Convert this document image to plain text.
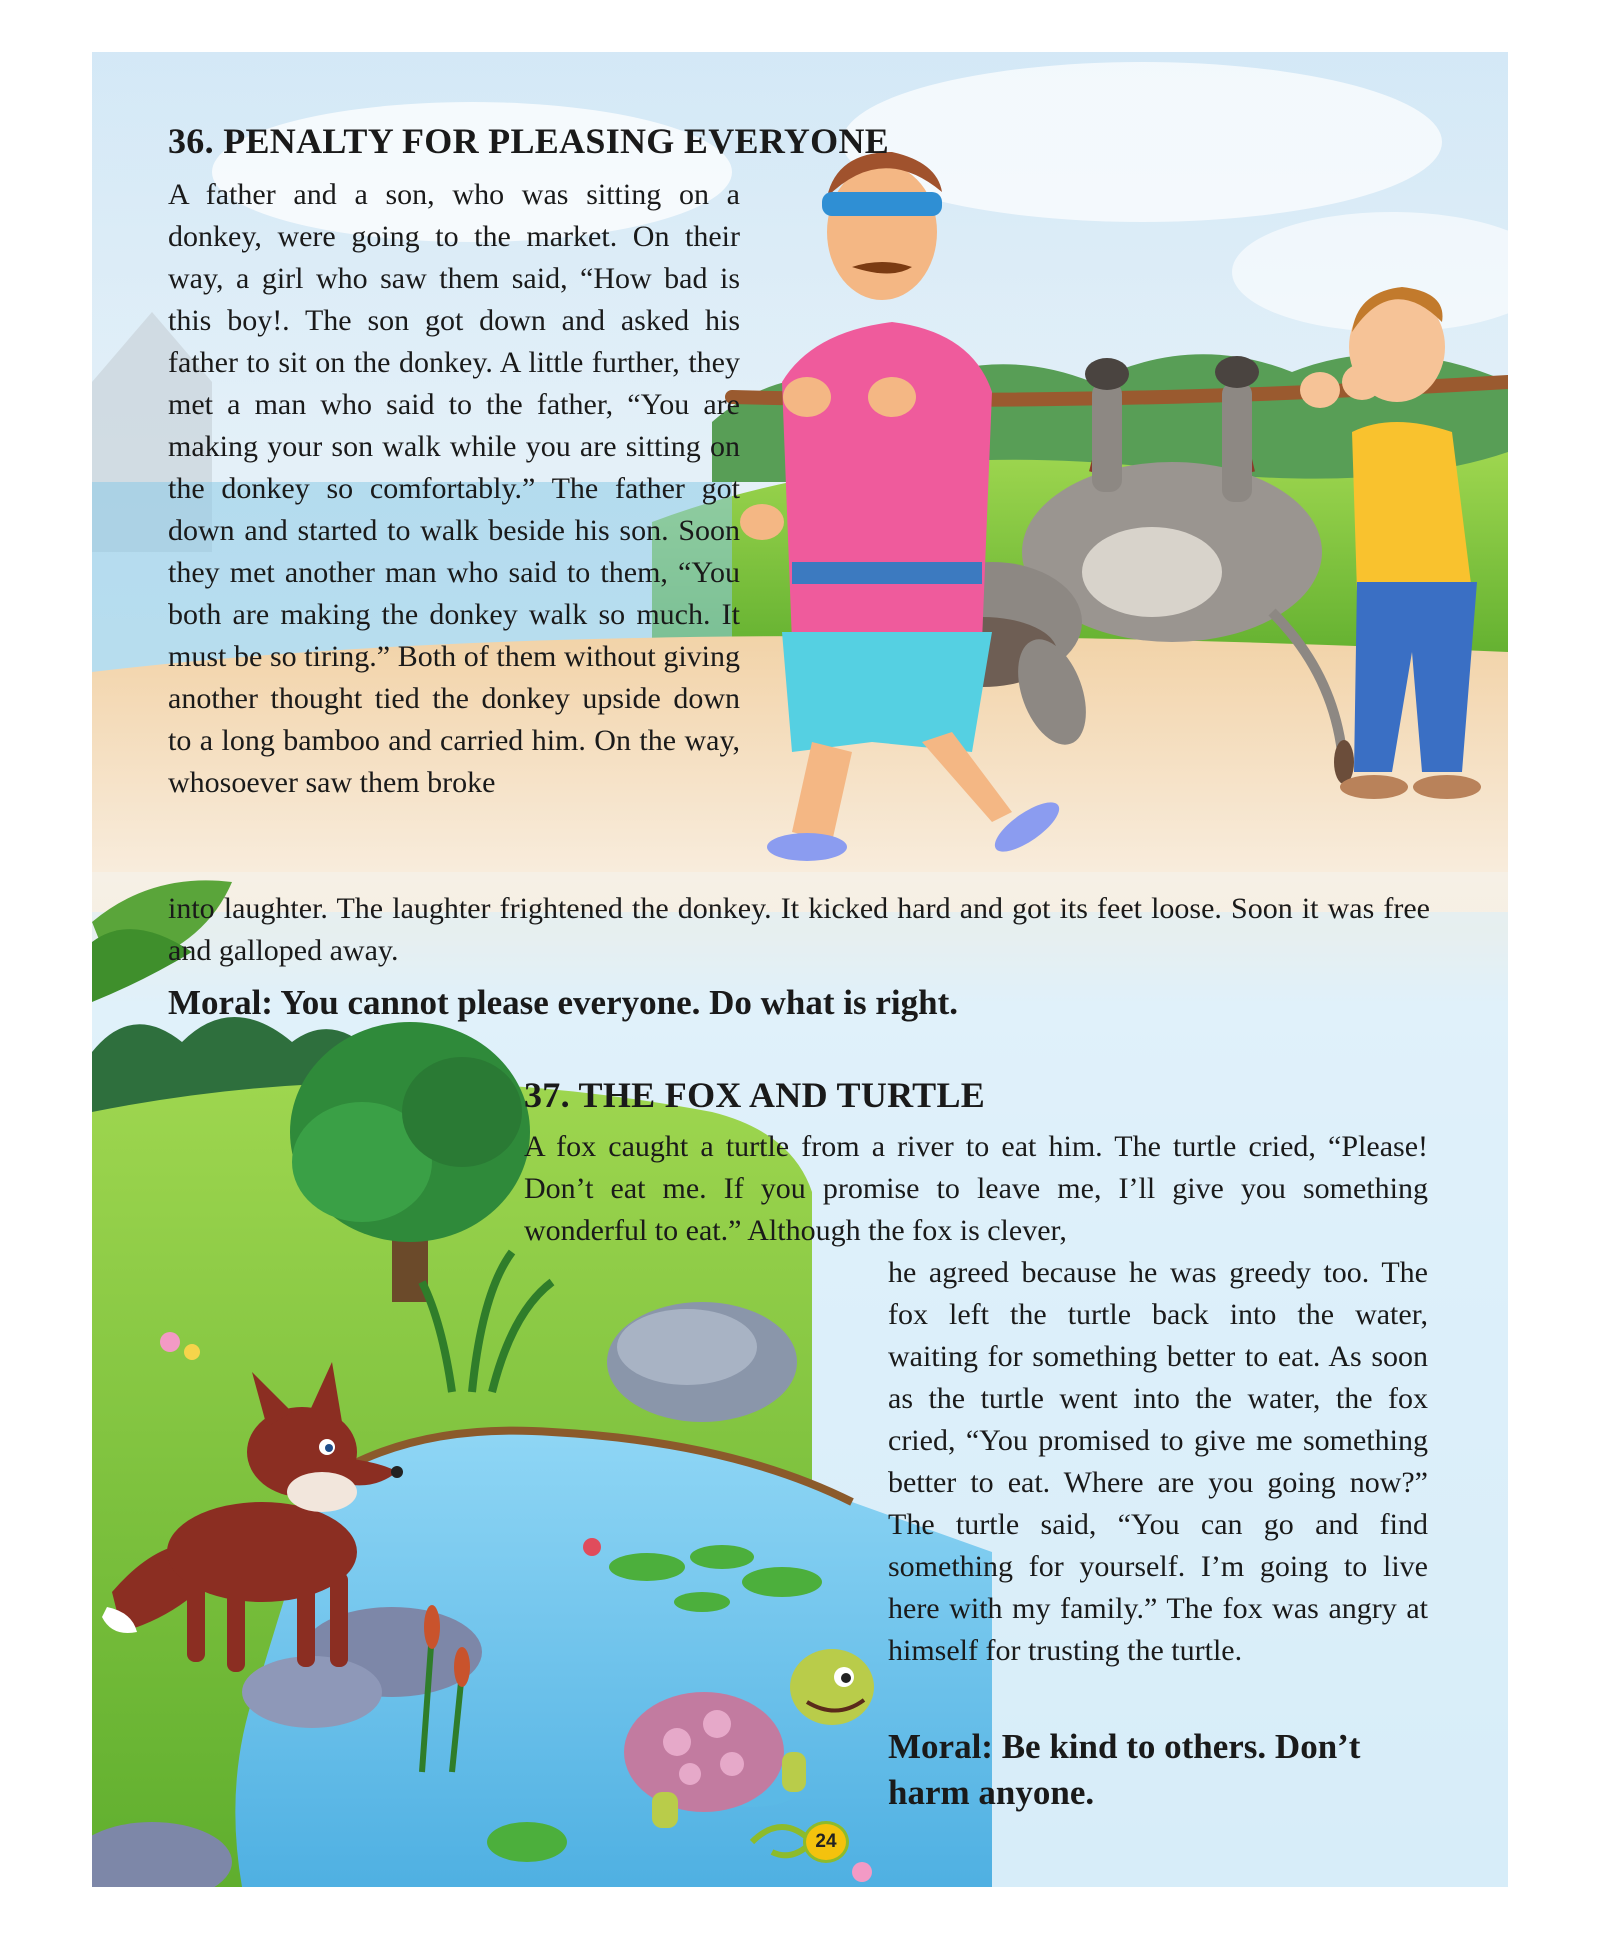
36. PENALTY FOR PLEASING EVERYONE

A father and a son, who was sitting on a donkey, were going to the market. On their way, a girl who saw them said, “How bad is this boy!. The son got down and asked his father to sit on the donkey. A little further, they met a man who said to the father, “You are making your son walk while you are sitting on the donkey so comfortably.” The father got down and started to walk beside his son. Soon they met another man who said to them, “You both are making the donkey walk so much. It must be so tiring.” Both of them without giving another thought tied the donkey upside down to a long bamboo and carried him. On the way, whosoever saw them broke

into laughter. The laughter frightened the donkey. It kicked hard and got its feet loose. Soon it was free and galloped away.

Moral: You cannot please everyone. Do what is right.

37. THE FOX AND TURTLE

A fox caught a turtle from a river to eat him. The turtle cried, “Please! Don’t eat me. If you promise to leave me, I’ll give you something wonderful to eat.” Although the fox is clever,

he agreed because he was greedy too. The fox left the turtle back into the water, waiting for something better to eat. As soon as the turtle went into the water, the fox cried, “You promised to give me something better to eat. Where are you going now?” The turtle said, “You can go and find something for yourself. I’m going to live here with my family.” The fox was angry at himself for trusting the turtle.

Moral: Be kind to others. Don’t harm anyone.

24
